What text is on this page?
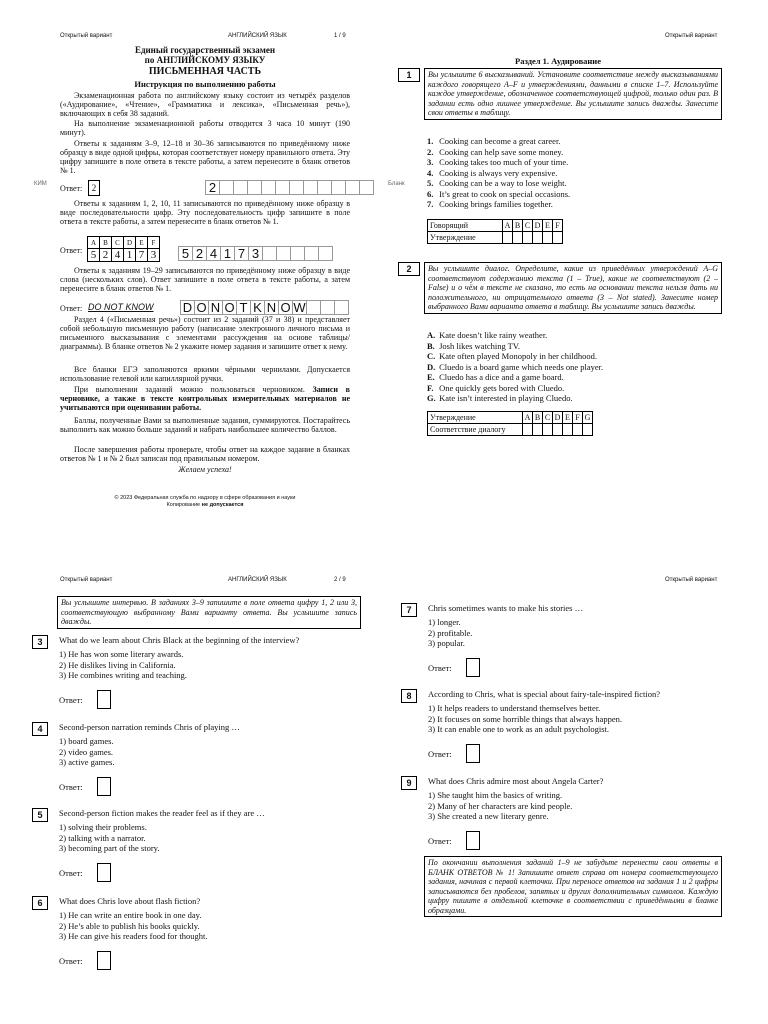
Открытый вариант	АНГЛИЙСКИЙ ЯЗЫК	1 / 9
Единый государственный экзамен
по АНГЛИЙСКОМУ ЯЗЫКУ
ПИСЬМЕННАЯ ЧАСТЬ
Инструкция по выполнению работы
Экзаменационная работа по английскому языку состоит из четырёх разделов («Аудирование», «Чтение», «Грамматика и лексика», «Письменная речь»), включающих в себя 38 заданий.
На выполнение экзаменационной работы отводится 3 часа 10 минут (190 минут).
Ответы к заданиям 3–9, 12–18 и 30–36 записываются по приведённому ниже образцу в виде одной цифры, которая соответствует номеру правильного ответа. Эту цифру запишите в поле ответа в тексте работы, а затем перенесите в бланк ответов № 1.
КИМ	Бланк
Ответ:	2	2
Ответы к заданиям 1, 2, 10, 11 записываются по приведённому ниже образцу в виде последовательности цифр. Эту последовательность цифр запишите в поле ответа в тексте работы, а затем перенесите в бланк ответов № 1.
Ответ:
A	B	C	D	E	F
5	2	4	1	7	3 5 2 4 1 7 3
Ответы к заданиям 19–29 записываются по приведённому ниже образцу в виде слова (нескольких слов). Ответ запишите в поле ответа в тексте работы, а затем перенесите в бланк ответов № 1.
Ответ: DO NOT KNOW D O N O T K N O W
Раздел 4 («Письменная речь») состоит из 2 заданий (37 и 38) и представляет собой небольшую письменную работу (написание электронного личного письма и письменного высказывания с элементами рассуждения на основе таблицы/диаграммы). В бланке ответов № 2 укажите номер задания и запишите ответ к нему.
Все бланки ЕГЭ заполняются яркими чёрными чернилами. Допускается использование гелевой или капиллярной ручки.
При выполнении заданий можно пользоваться черновиком. Записи в черновике, а также в тексте контрольных измерительных материалов не учитываются при оценивании работы.
Баллы, полученные Вами за выполненные задания, суммируются. Постарайтесь выполнить как можно больше заданий и набрать наибольшее количество баллов.
После завершения работы проверьте, чтобы ответ на каждое задание в бланках ответов № 1 и № 2 был записан под правильным номером.
Желаем успеха!
© 2023 Федеральная служба по надзору в сфере образования и науки
Копирование не допускается
Открытый вариант
Раздел 1. Аудирование
1	Вы услышите 6 высказываний. Установите соответствие между высказываниями каждого говорящего A–F и утверждениями, данными в списке 1–7. Используйте каждое утверждение, обозначенное соответствующей цифрой, только один раз. В задании есть одно лишнее утверждение. Вы услышите запись дважды. Занесите свои ответы в таблицу.
1. Cooking can become a great career.
2. Cooking can help save some money.
3. Cooking takes too much of your time.
4. Cooking is always very expensive.
5. Cooking can be a way to lose weight.
6. It’s great to cook on special occasions.
7. Cooking brings families together.
Говорящий	A	B	C	D	E	F
Утверждение						
2	Вы услышите диалог. Определите, какие из приведённых утверждений A–G соответствуют содержанию текста (1 – True), какие не соответствуют (2 – False) и о чём в тексте не сказано, то есть на основании текста нельзя дать ни положительного, ни отрицательного ответа (3 – Not stated). Занесите номер выбранного Вами варианта ответа в таблицу. Вы услышите запись дважды.
A. Kate doesn’t like rainy weather.
B. Josh likes watching TV.
C. Kate often played Monopoly in her childhood.
D. Cluedo is a board game which needs one player.
E. Cluedo has a dice and a game board.
F. One quickly gets bored with Cluedo.
G. Kate isn’t interested in playing Cluedo.
Утверждение	A	B	C	D	E	F	G
Соответствие диалогу							
Открытый вариант	АНГЛИЙСКИЙ ЯЗЫК	2 / 9
Вы услышите интервью. В заданиях 3–9 запишите в поле ответа цифру 1, 2 или 3, соответствующую выбранному Вами варианту ответа. Вы услышите запись дважды.
3	What do we learn about Chris Black at the beginning of the interview?
1) He has won some literary awards.
2) He dislikes living in California.
3) He combines writing and teaching.
Ответ:
4	Second-person narration reminds Chris of playing …
1) board games.
2) video games.
3) active games.
Ответ:
5	Second-person fiction makes the reader feel as if they are …
1) solving their problems.
2) talking with a narrator.
3) becoming part of the story.
Ответ:
6	What does Chris love about flash fiction?
1) He can write an entire book in one day.
2) He’s able to publish his books quickly.
3) He can give his readers food for thought.
Ответ:
Открытый вариант
7	Chris sometimes wants to make his stories …
1) longer.
2) profitable.
3) popular.
Ответ:
8	According to Chris, what is special about fairy-tale-inspired fiction?
1) It helps readers to understand themselves better.
2) It focuses on some horrible things that always happen.
3) It can enable one to work as an adult psychologist.
Ответ:
9	What does Chris admire most about Angela Carter?
1) She taught him the basics of writing.
2) Many of her characters are kind people.
3) She created a new literary genre.
Ответ:
По окончании выполнения заданий 1–9 не забудьте перенести свои ответы в БЛАНК ОТВЕТОВ № 1! Запишите ответ справа от номера соответствующего задания, начиная с первой клеточки. При переносе ответов на задания 1 и 2 цифры записываются без пробелов, запятых и других дополнительных символов. Каждую цифру пишите в отдельной клеточке в соответствии с приведёнными в бланке образцами.
